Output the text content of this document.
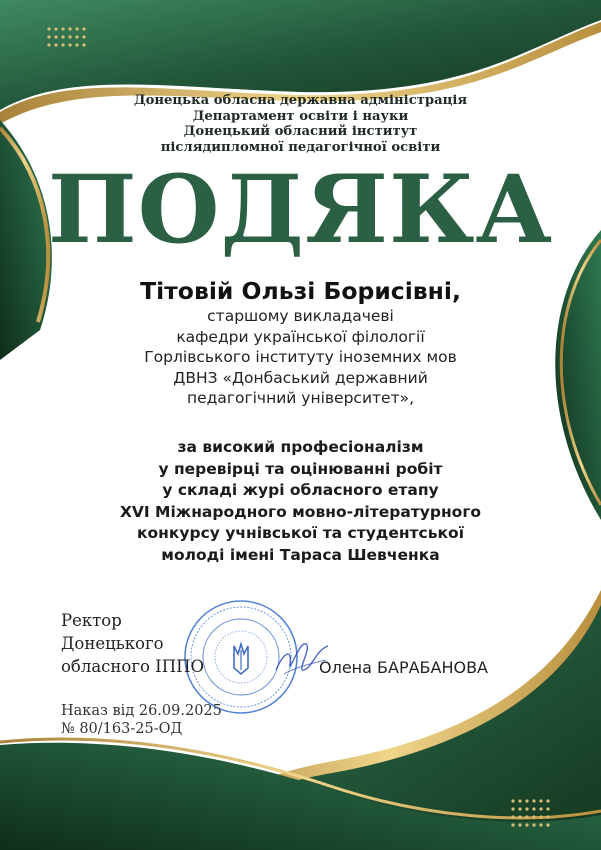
Донецька обласна державна адміністрація
Департамент освіти і науки
Донецький обласний інститут
післядипломної педагогічної освіти
ПОДЯКА
Тітовій Ользі Борисівні,
старшому викладачеві
кафедри української філології
Горлівського інституту іноземних мов
ДВНЗ «Донбаський державний
педагогічний університет»,
за високий професіоналізм
у перевірці та оцінюванні робіт
у складі журі обласного етапу
XVI Міжнародного мовно-літературного
конкурсу учнівської та студентської
молоді імені Тараса Шевченка
Ректор
Донецького
обласного ІППО	Олена БАРАБАНОВА
Наказ від 26.09.2025
№ 80/163-25-ОД
